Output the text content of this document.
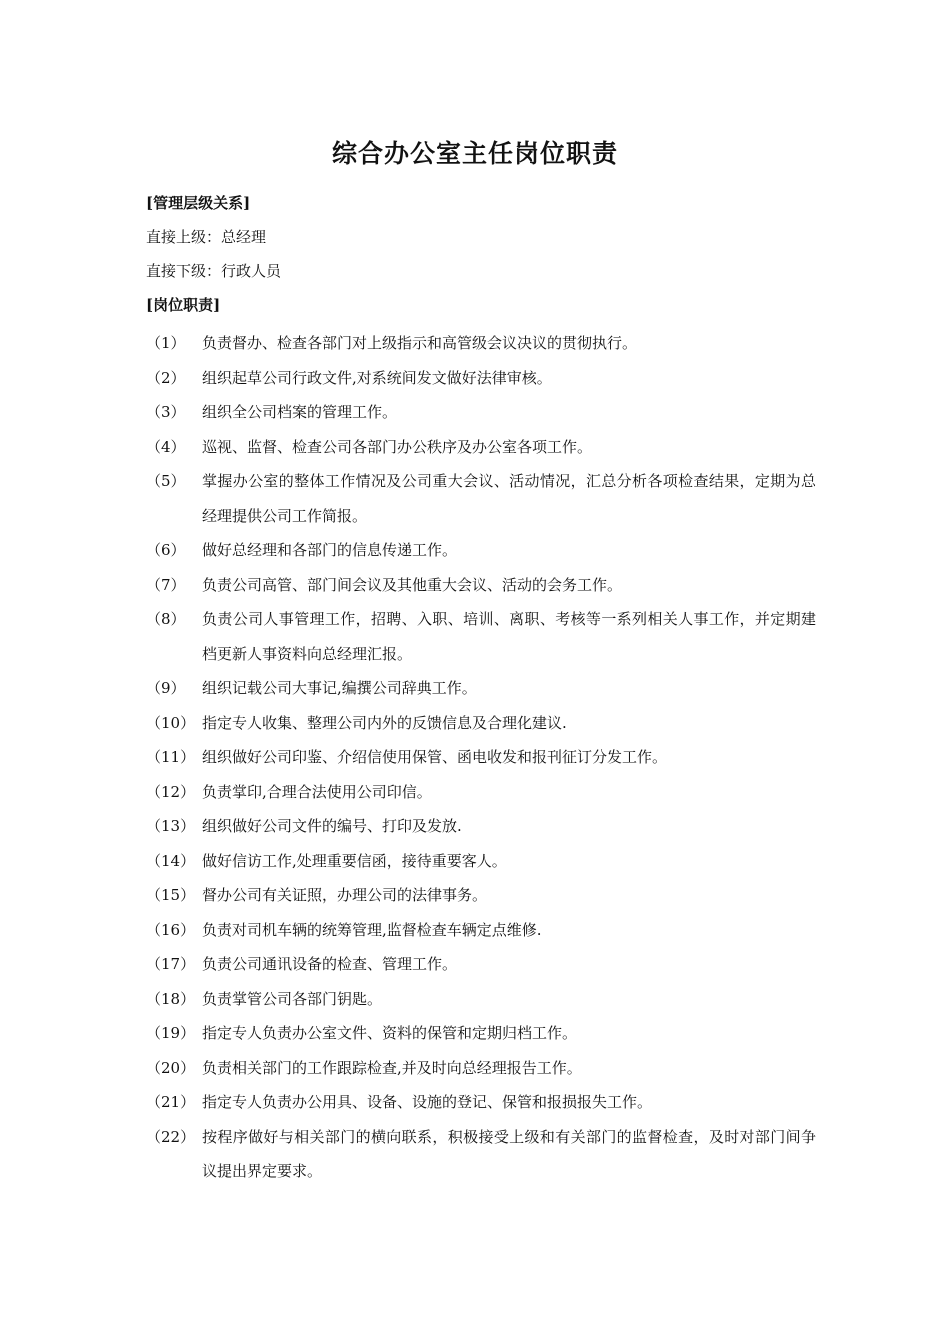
综合办公室主任岗位职责
[管理层级关系]
直接上级：总经理
直接下级：行政人员
[岗位职责]
（1）	负责督办、检查各部门对上级指示和高管级会议决议的贯彻执行。
（2）	组织起草公司行政文件,对系统间发文做好法律审核。
（3）	组织全公司档案的管理工作。
（4）	巡视、监督、检查公司各部门办公秩序及办公室各项工作。
（5）	掌握办公室的整体工作情况及公司重大会议、活动情况，汇总分析各项检查结果，定期为总经理提供公司工作简报。
（6）	做好总经理和各部门的信息传递工作。
（7）	负责公司高管、部门间会议及其他重大会议、活动的会务工作。
（8）	负责公司人事管理工作，招聘、入职、培训、离职、考核等一系列相关人事工作，并定期建档更新人事资料向总经理汇报。
（9）	组织记载公司大事记,编撰公司辞典工作。
（10） 指定专人收集、整理公司内外的反馈信息及合理化建议.
（11） 组织做好公司印鉴、介绍信使用保管、函电收发和报刊征订分发工作。
（12） 负责掌印,合理合法使用公司印信。
（13） 组织做好公司文件的编号、打印及发放.
（14） 做好信访工作,处理重要信函，接待重要客人。
（15） 督办公司有关证照，办理公司的法律事务。
（16） 负责对司机车辆的统筹管理,监督检查车辆定点维修.
（17） 负责公司通讯设备的检查、管理工作。
（18） 负责掌管公司各部门钥匙。
（19） 指定专人负责办公室文件、资料的保管和定期归档工作。
（20） 负责相关部门的工作跟踪检查,并及时向总经理报告工作。
（21） 指定专人负责办公用具、设备、设施的登记、保管和报损报失工作。
（22） 按程序做好与相关部门的横向联系，积极接受上级和有关部门的监督检查，及时对部门间争议提出界定要求。
